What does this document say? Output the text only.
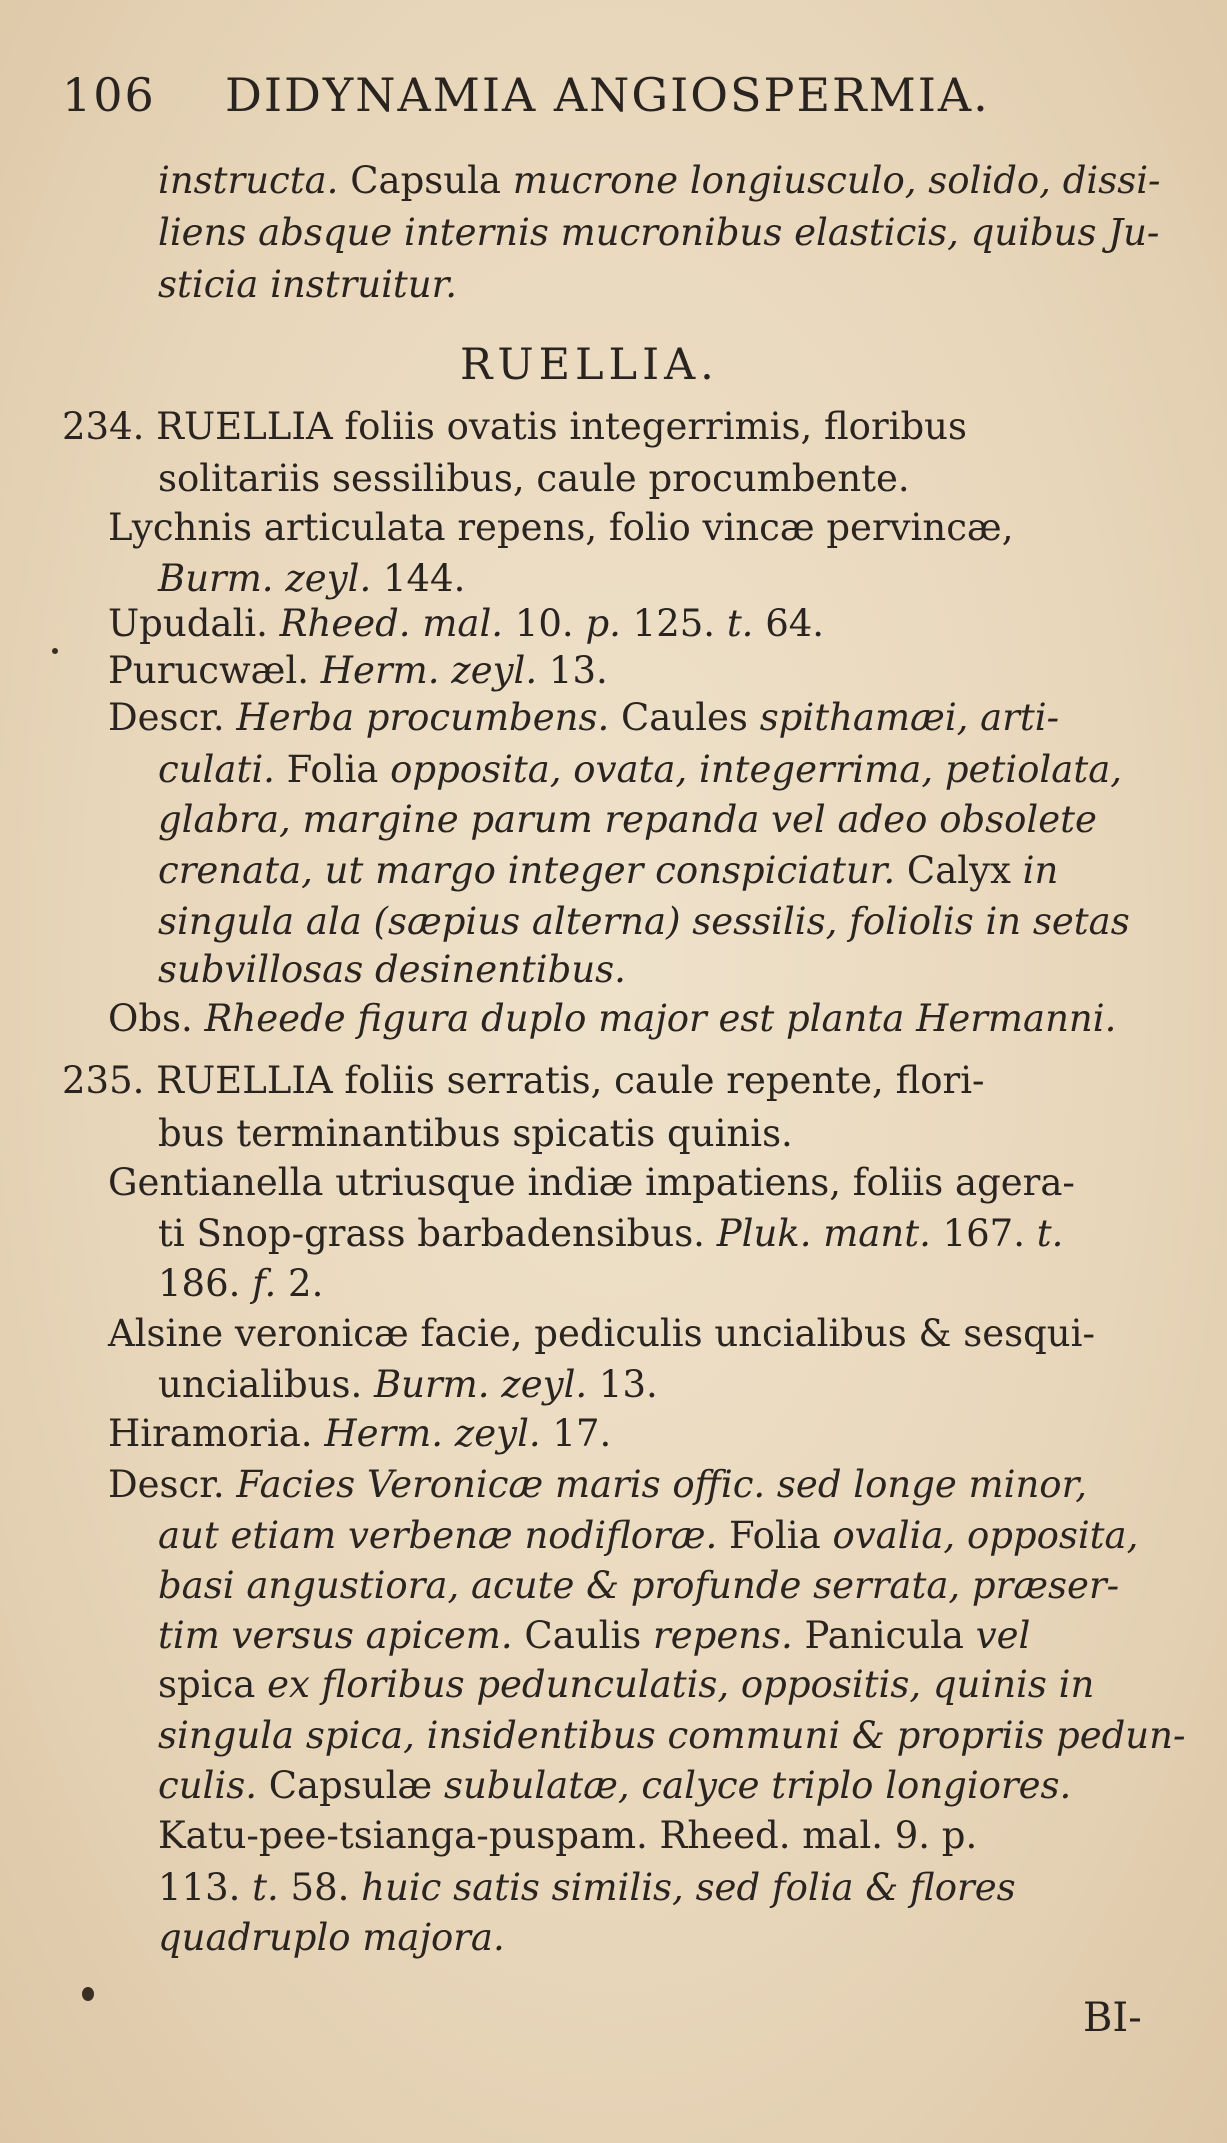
106 DIDYNAMIA ANGIOSPERMIA.
instructa. Capsula mucrone longiusculo, solido, dissi-
liens absque internis mucronibus elasticis, quibus Ju-
sticia instruitur.
RUELLIA.
234. RUELLIA foliis ovatis integerrimis, floribus
solitariis sessilibus, caule procumbente.
Lychnis articulata repens, folio vincæ pervincæ,
Burm. zeyl. 144.
Upudali. Rheed. mal. 10. p. 125. t. 64.
Purucwæl. Herm. zeyl. 13.
Descr. Herba procumbens. Caules spithamæi, arti-
culati. Folia opposita, ovata, integerrima, petiolata,
glabra, margine parum repanda vel adeo obsolete
crenata, ut margo integer conspiciatur. Calyx in
singula ala (sæpius alterna) sessilis, foliolis in setas
subvillosas desinentibus.
Obs. Rheede figura duplo major est planta Hermanni.
235. RUELLIA foliis serratis, caule repente, flori-
bus terminantibus spicatis quinis.
Gentianella utriusque indiæ impatiens, foliis agera-
ti Snop-grass barbadensibus. Pluk. mant. 167. t.
186. f. 2.
Alsine veronicæ facie, pediculis uncialibus & sesqui-
uncialibus. Burm. zeyl. 13.
Hiramoria. Herm. zeyl. 17.
Descr. Facies Veronicæ maris offic. sed longe minor,
aut etiam verbenæ nodifloræ. Folia ovalia, opposita,
basi angustiora, acute & profunde serrata, præser-
tim versus apicem. Caulis repens. Panicula vel
spica ex floribus pedunculatis, oppositis, quinis in
singula spica, insidentibus communi & propriis pedun-
culis. Capsulæ subulatæ, calyce triplo longiores.
Katu-pee-tsianga-puspam. Rheed. mal. 9. p.
113. t. 58. huic satis similis, sed folia & flores
quadruplo majora.
BI-
